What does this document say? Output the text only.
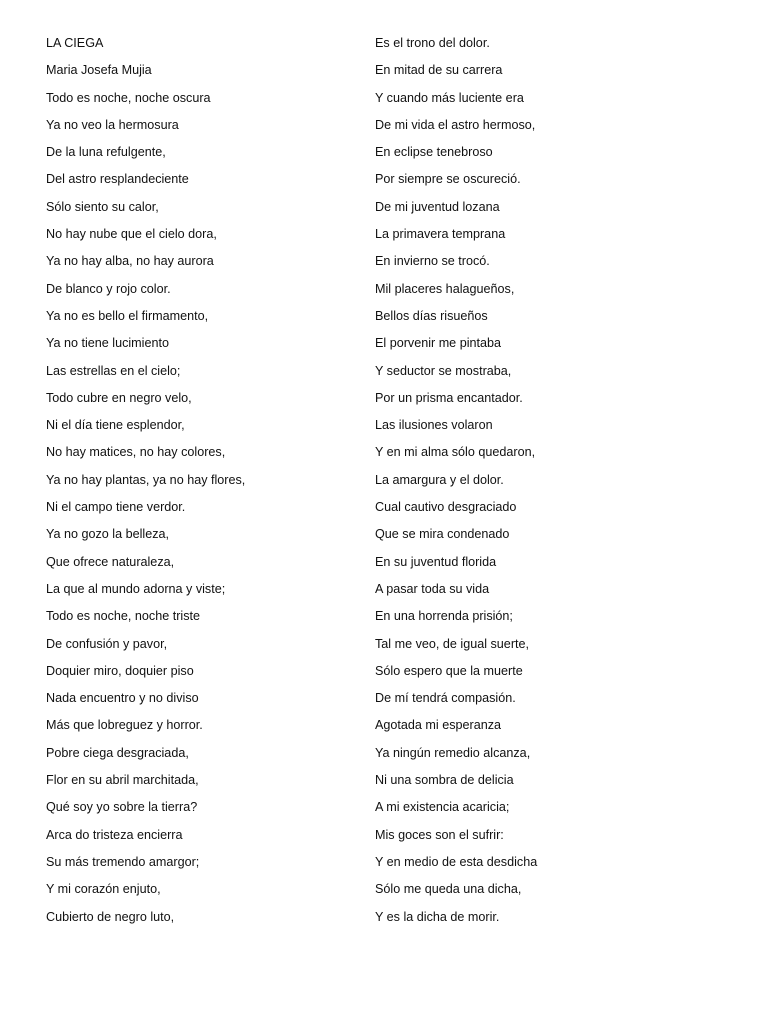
LA CIEGA
Maria Josefa Mujia
Todo es noche, noche oscura
Ya no veo la hermosura
De la luna refulgente,
Del astro resplandeciente
Sólo siento su calor,
No hay nube que el cielo dora,
Ya no hay alba, no hay aurora
De blanco y rojo color.
Ya no es bello el firmamento,
Ya no tiene lucimiento
Las estrellas en el cielo;
Todo cubre en negro velo,
Ni el día tiene esplendor,
No hay matices, no hay colores,
Ya no hay plantas, ya no hay flores,
Ni el campo tiene verdor.
Ya no gozo la belleza,
Que ofrece naturaleza,
La que al mundo adorna y viste;
Todo es noche, noche triste
De confusión y pavor,
Doquier miro, doquier piso
Nada encuentro y no diviso
Más que lobreguez y horror.
Pobre ciega desgraciada,
Flor en su abril marchitada,
Qué soy yo sobre la tierra?
Arca do tristeza encierra
Su más tremendo amargor;
Y mi corazón enjuto,
Cubierto de negro luto,
Es el trono del dolor.
En mitad de su carrera
Y cuando más luciente era
De mi vida el astro hermoso,
En eclipse tenebroso
Por siempre se oscureció.
De mi juventud lozana
La primavera temprana
En invierno se trocó.
Mil placeres halagueños,
Bellos días risueños
El porvenir me pintaba
Y seductor se mostraba,
Por un prisma encantador.
Las ilusiones volaron
Y en mi alma sólo quedaron,
La amargura y el dolor.
Cual cautivo desgraciado
Que se mira condenado
En su juventud florida
A pasar toda su vida
En una horrenda prisión;
Tal me veo, de igual suerte,
Sólo espero que la muerte
De mí tendrá compasión.
Agotada mi esperanza
Ya ningún remedio alcanza,
Ni una sombra de delicia
A mi existencia acaricia;
Mis goces son el sufrir:
Y en medio de esta desdicha
Sólo me queda una dicha,
Y es la dicha de morir.
